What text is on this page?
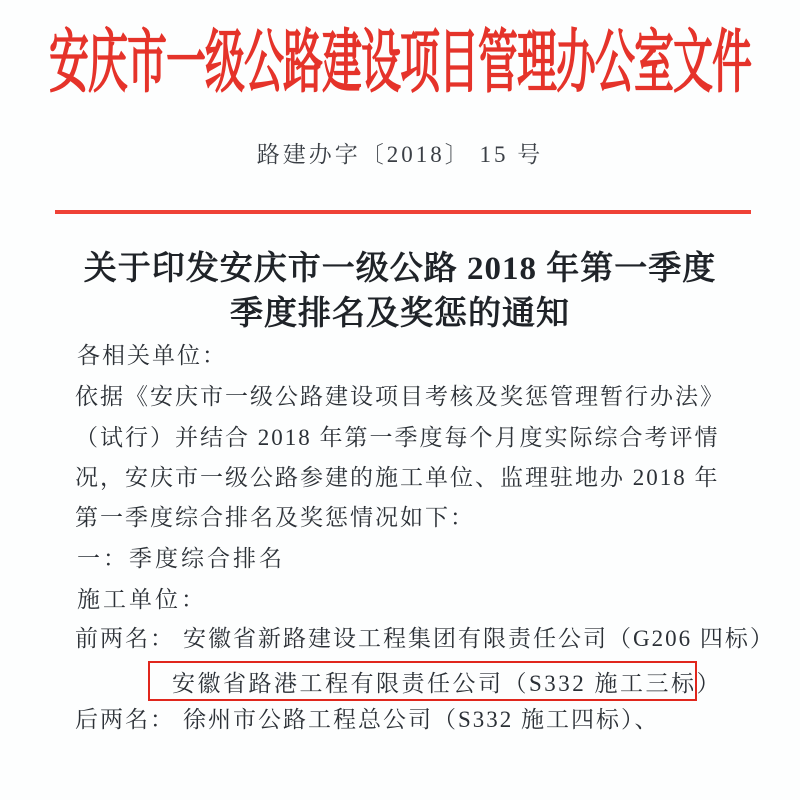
安庆市一级公路建设项目管理办公室文件
路建办字〔2018〕 15 号
关于印发安庆市一级公路 2018 年第一季度
季度排名及奖惩的通知
各相关单位：
依据《安庆市一级公路建设项目考核及奖惩管理暂行办法》
（试行）并结合 2018 年第一季度每个月度实际综合考评情
况，安庆市一级公路参建的施工单位、监理驻地办 2018 年
第一季度综合排名及奖惩情况如下：
一：季度综合排名
施工单位：
前两名： 安徽省新路建设工程集团有限责任公司（G206 四标）
安徽省路港工程有限责任公司（S332 施工三标）
后两名： 徐州市公路工程总公司（S332 施工四标）、
